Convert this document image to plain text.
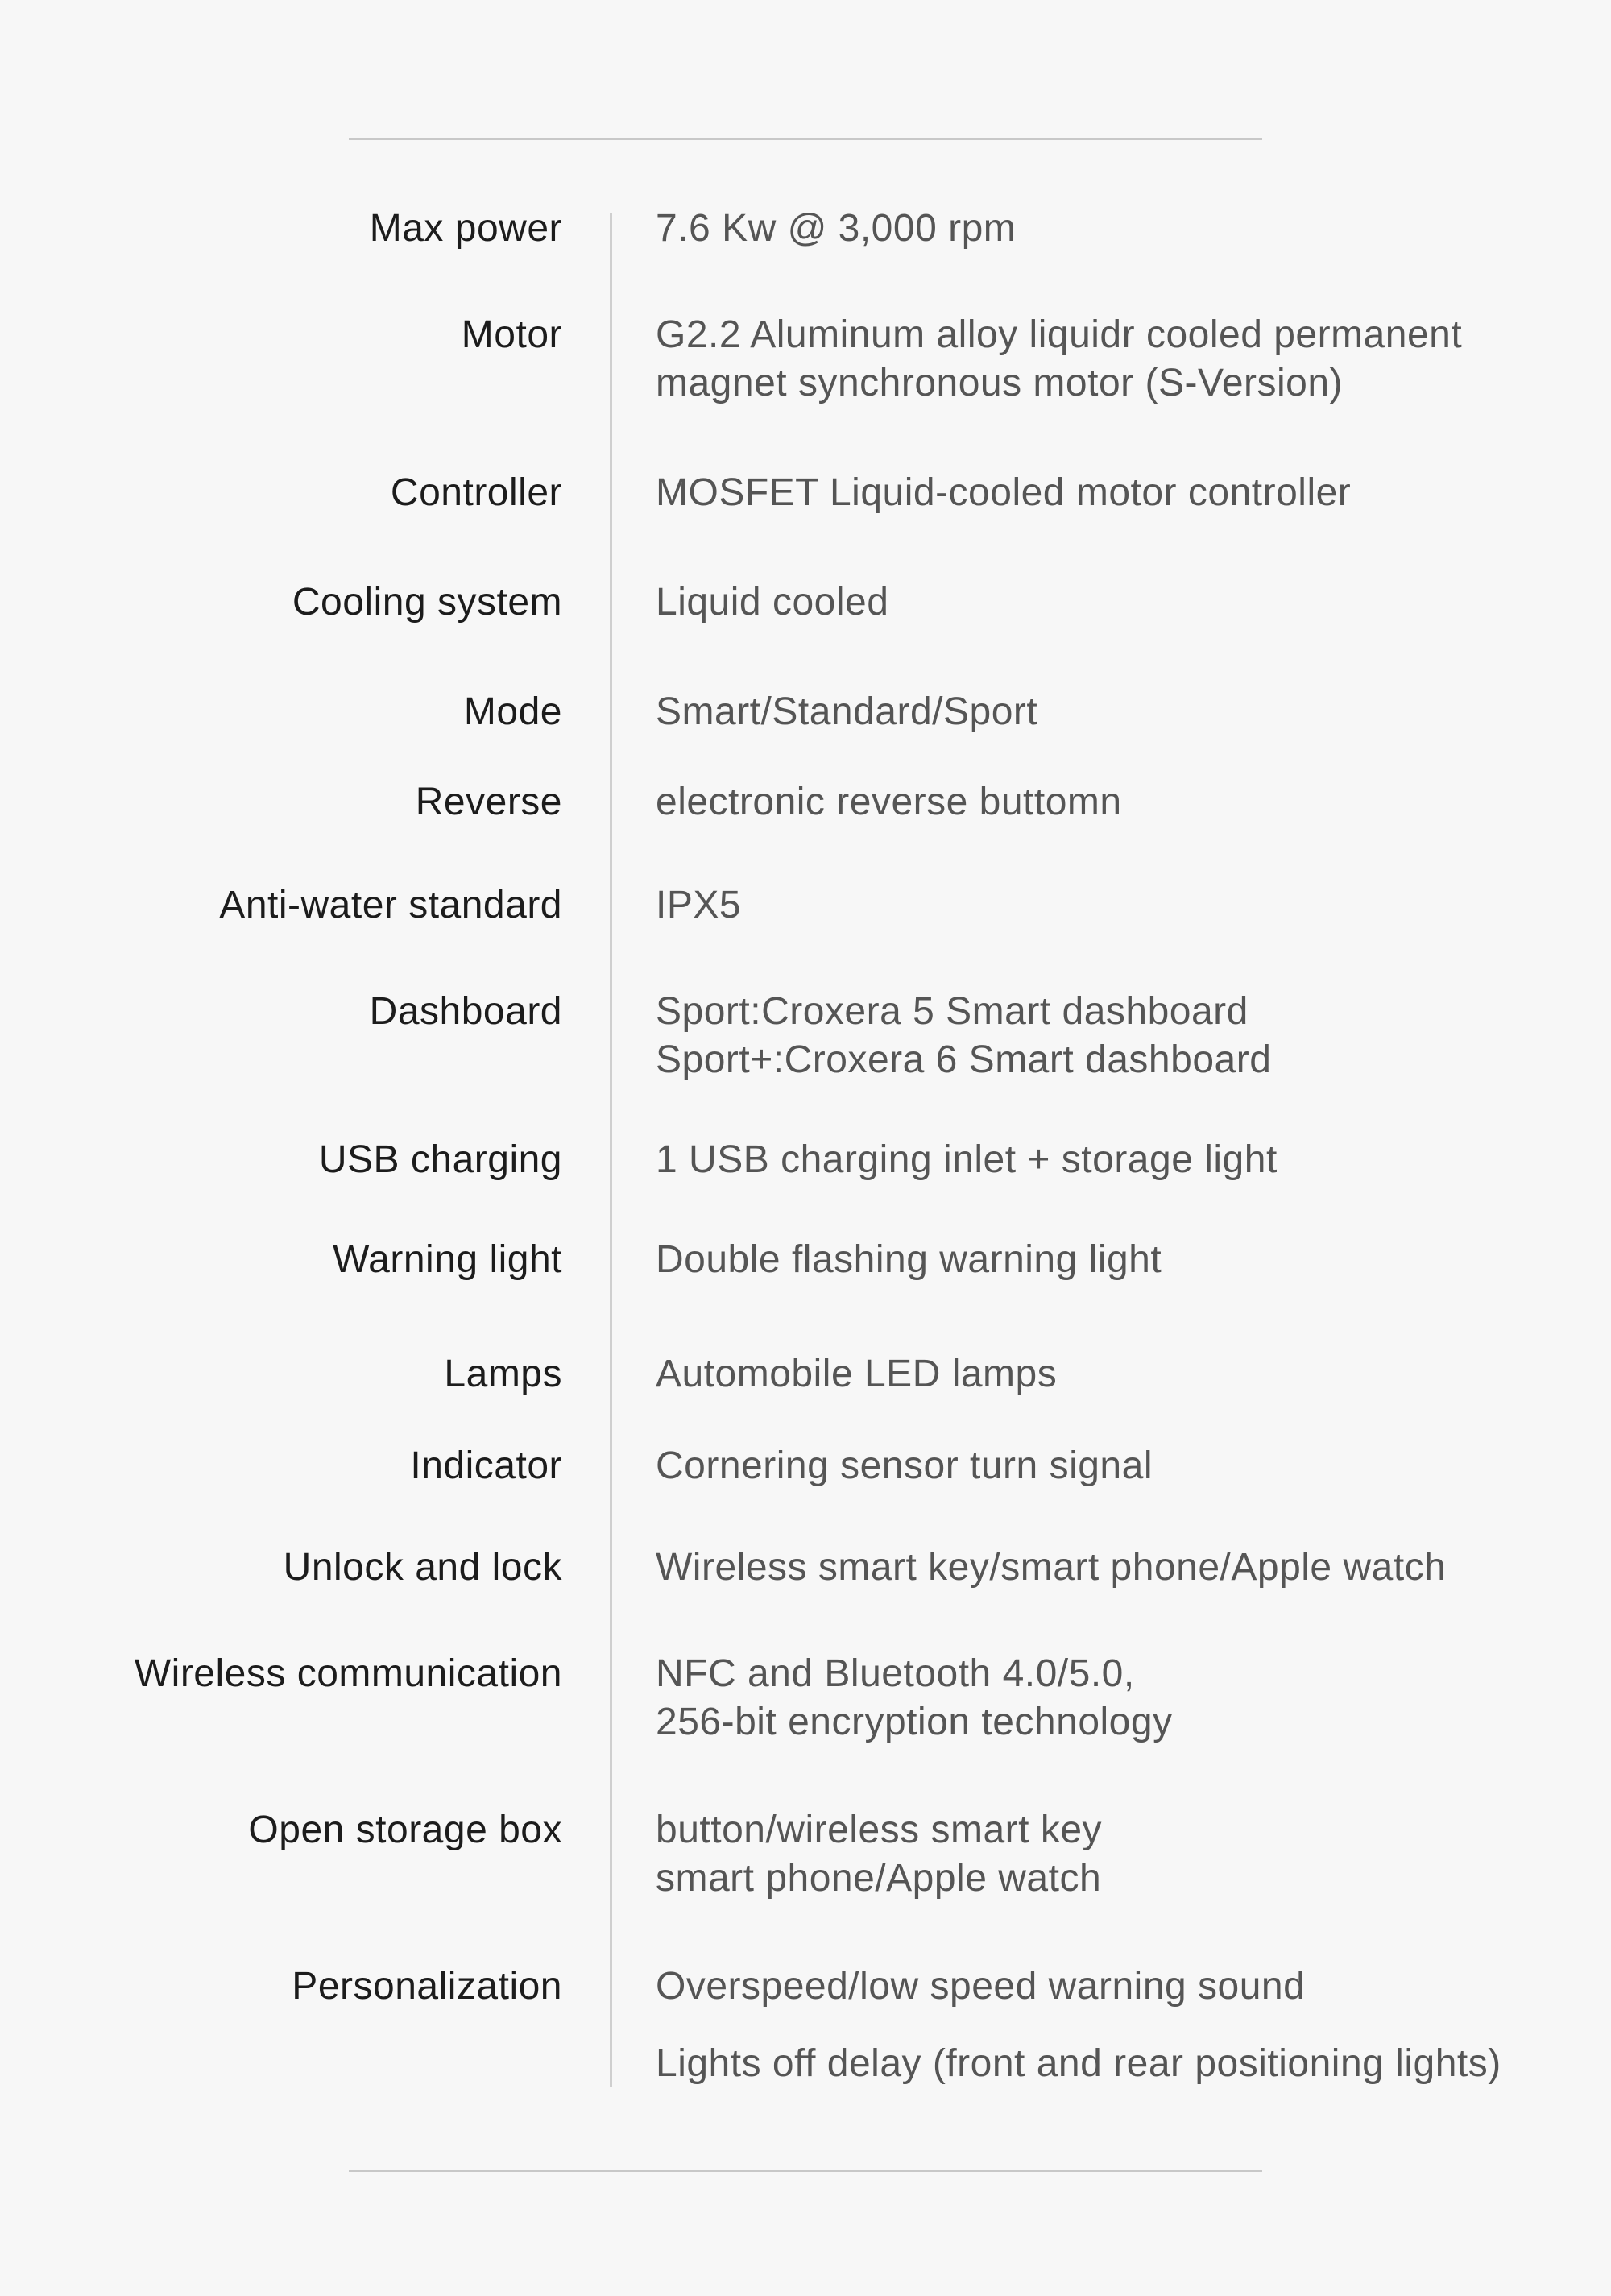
Max power 7.6 Kw @ 3,000 rpm
Motor G2.2 Aluminum alloy liquidr cooled permanent
magnet synchronous motor (S-Version)
Controller MOSFET Liquid-cooled motor controller
Cooling system Liquid cooled
Mode Smart/Standard/Sport
Reverse electronic reverse buttomn
Anti-water standard IPX5
Dashboard Sport:Croxera 5 Smart dashboard
Sport+:Croxera 6 Smart dashboard
USB charging 1 USB charging inlet + storage light
Warning light Double flashing warning light
Lamps Automobile LED lamps
Indicator Cornering sensor turn signal
Unlock and lock Wireless smart key/smart phone/Apple watch
Wireless communication NFC and Bluetooth 4.0/5.0,
256-bit encryption technology
Open storage box button/wireless smart key
smart phone/Apple watch
Personalization Overspeed/low speed warning sound
Lights off delay (front and rear positioning lights)
